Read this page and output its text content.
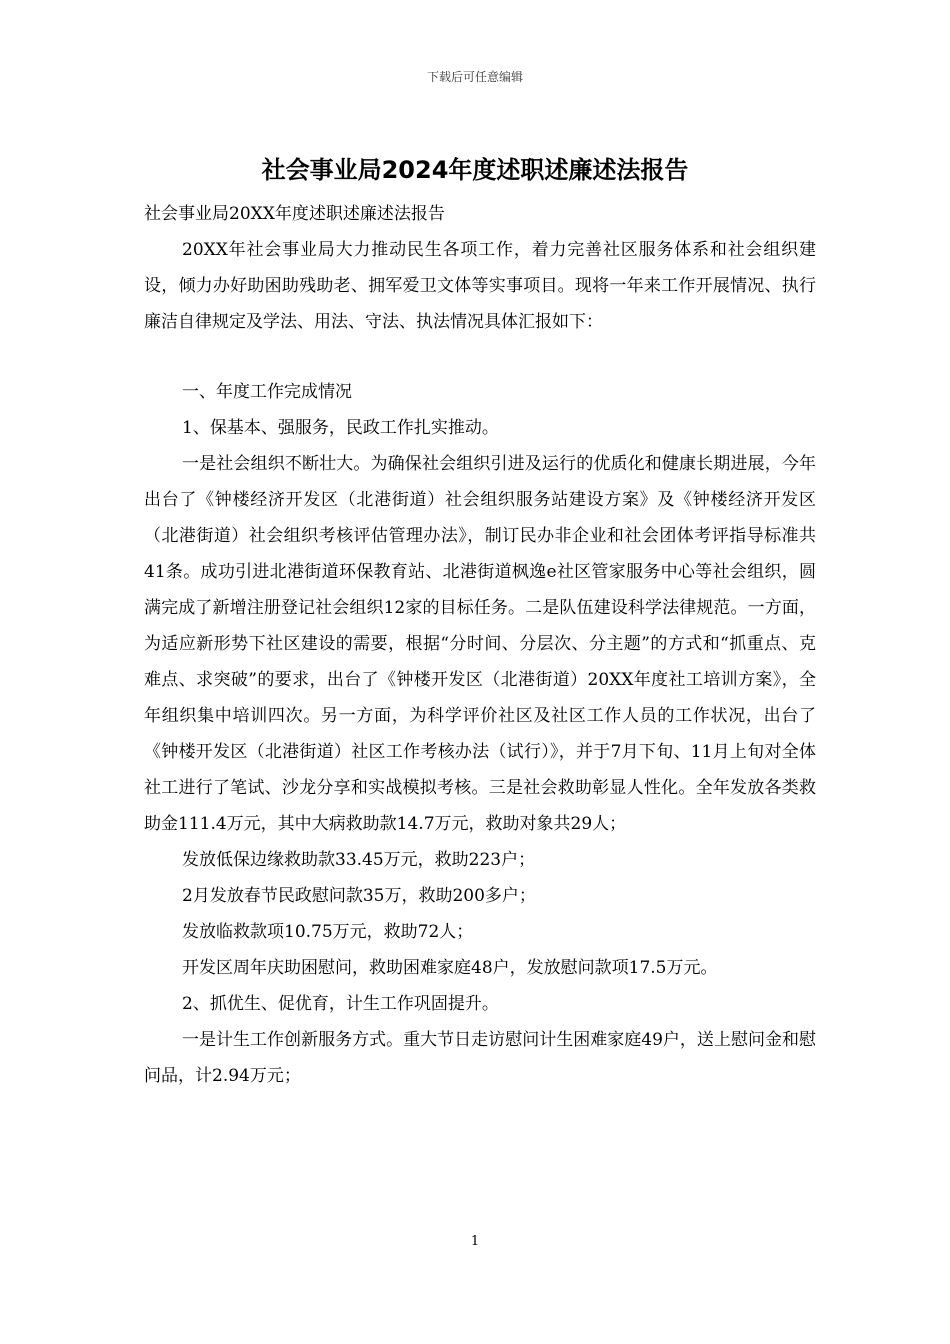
下载后可任意编辑
社会事业局2024年度述职述廉述法报告

社会事业局20XX年度述职述廉述法报告

20XX年社会事业局大力推动民生各项工作，着力完善社区服务体系和社会组织建设，倾力办好助困助残助老、拥军爱卫文体等实事项目。现将一年来工作开展情况、执行廉洁自律规定及学法、用法、守法、执法情况具体汇报如下：

一、年度工作完成情况

1、保基本、强服务，民政工作扎实推动。

一是社会组织不断壮大。为确保社会组织引进及运行的优质化和健康长期进展，今年出台了《钟楼经济开发区（北港街道）社会组织服务站建设方案》及《钟楼经济开发区（北港街道）社会组织考核评估管理办法》，制订民办非企业和社会团体考评指导标准共41条。成功引进北港街道环保教育站、北港街道枫逸e社区管家服务中心等社会组织，圆满完成了新增注册登记社会组织12家的目标任务。二是队伍建设科学法律规范。一方面，为适应新形势下社区建设的需要，根据“分时间、分层次、分主题”的方式和“抓重点、克难点、求突破”的要求，出台了《钟楼开发区（北港街道）20XX年度社工培训方案》，全年组织集中培训四次。另一方面，为科学评价社区及社区工作人员的工作状况，出台了《钟楼开发区（北港街道）社区工作考核办法（试行）》，并于7月下旬、11月上旬对全体社工进行了笔试、沙龙分享和实战模拟考核。三是社会救助彰显人性化。全年发放各类救助金111.4万元，其中大病救助款14.7万元，救助对象共29人；

发放低保边缘救助款33.45万元，救助223户；

2月发放春节民政慰问款35万，救助200多户；

发放临救款项10.75万元，救助72人；

开发区周年庆助困慰问，救助困难家庭48户，发放慰问款项17.5万元。

2、抓优生、促优育，计生工作巩固提升。

一是计生工作创新服务方式。重大节日走访慰问计生困难家庭49户，送上慰问金和慰问品，计2.94万元；

1
